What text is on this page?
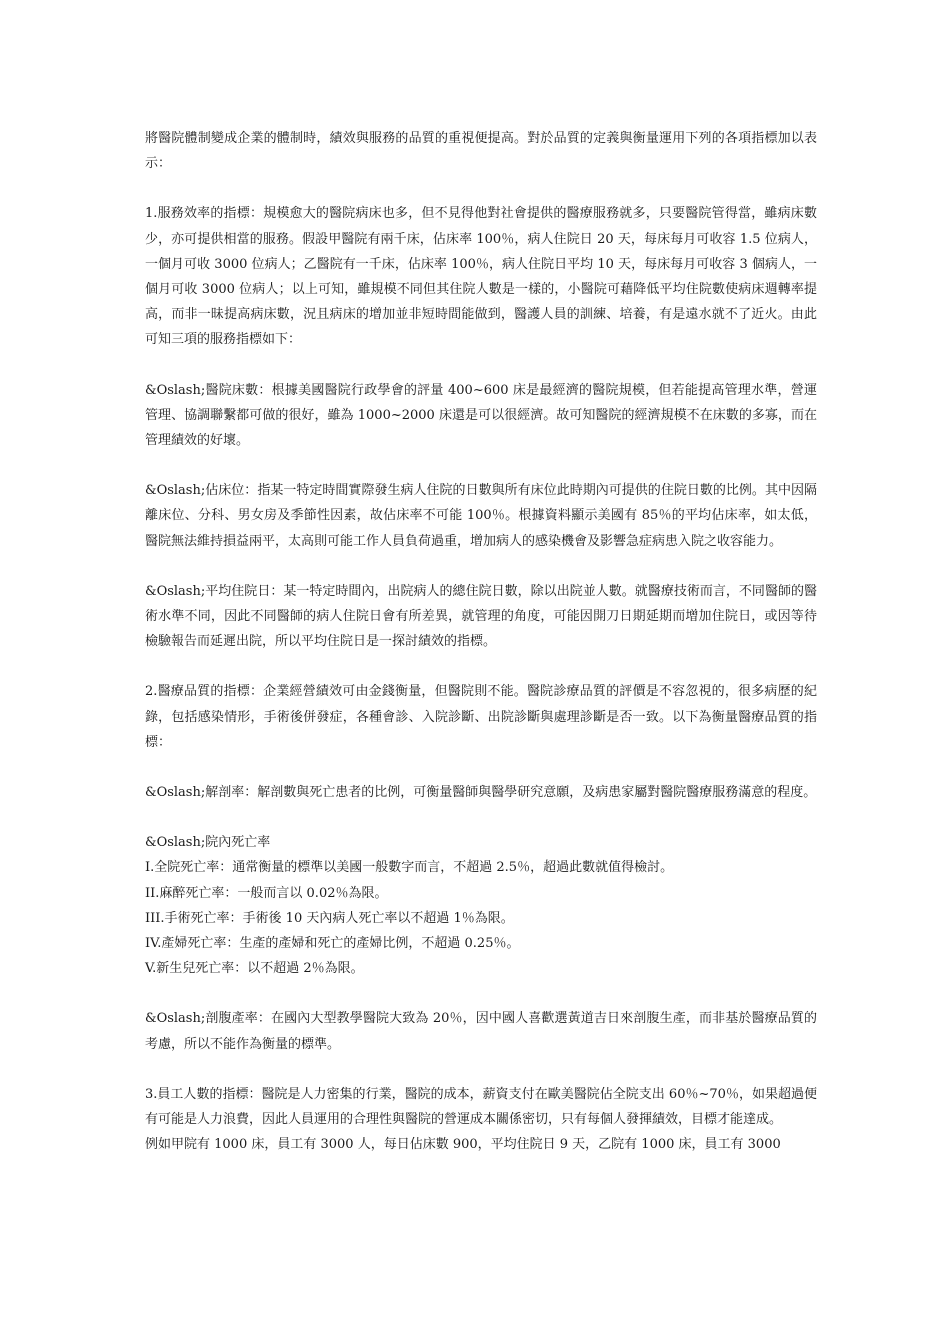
將醫院體制變成企業的體制時，績效與服務的品質的重視便提高。對於品質的定義與衡量運用下列的各項指標加以表示：

1.服務效率的指標：規模愈大的醫院病床也多，但不見得他對社會提供的醫療服務就多，只要醫院管得當，雖病床數少，亦可提供相當的服務。假設甲醫院有兩千床，佔床率 100％，病人住院日 20 天，每床每月可收容 1.5 位病人，一個月可收 3000 位病人；乙醫院有一千床，佔床率 100％，病人住院日平均 10 天，每床每月可收容 3 個病人，一個月可收 3000 位病人；以上可知，雖規模不同但其住院人數是一樣的，小醫院可藉降低平均住院數使病床週轉率提高，而非一昧提高病床數，況且病床的增加並非短時間能做到，醫護人員的訓練、培養，有是遠水就不了近火。由此可知三項的服務指標如下：

&Oslash;醫院床數：根據美國醫院行政學會的評量 400~600 床是最經濟的醫院規模，但若能提高管理水準，營運管理、協調聯繫都可做的很好，雖為 1000~2000 床還是可以很經濟。故可知醫院的經濟規模不在床數的多寡，而在管理績效的好壞。

&Oslash;佔床位：指某一特定時間實際發生病人住院的日數與所有床位此時期內可提供的住院日數的比例。其中因隔離床位、分科、男女房及季節性因素，故佔床率不可能 100％。根據資料顯示美國有 85％的平均佔床率，如太低，醫院無法維持損益兩平，太高則可能工作人員負荷過重，增加病人的感染機會及影響急症病患入院之收容能力。

&Oslash;平均住院日：某一特定時間內，出院病人的總住院日數，除以出院並人數。就醫療技術而言，不同醫師的醫術水準不同，因此不同醫師的病人住院日會有所差異，就管理的角度，可能因開刀日期延期而增加住院日，或因等待檢驗報告而延遲出院，所以平均住院日是一探討績效的指標。

2.醫療品質的指標：企業經營績效可由金錢衡量，但醫院則不能。醫院診療品質的評價是不容忽視的，很多病歷的紀錄，包括感染情形，手術後併發症，各種會診、入院診斷、出院診斷與處理診斷是否一致。以下為衡量醫療品質的指標：

&Oslash;解剖率：解剖數與死亡患者的比例，可衡量醫師與醫學研究意願，及病患家屬對醫院醫療服務滿意的程度。

&Oslash;院內死亡率
I.全院死亡率：通常衡量的標準以美國一般數字而言，不超過 2.5％，超過此數就值得檢討。
II.麻醉死亡率：一般而言以 0.02％為限。
III.手術死亡率：手術後 10 天內病人死亡率以不超過 1％為限。
IV.產婦死亡率：生產的產婦和死亡的產婦比例，不超過 0.25％。
V.新生兒死亡率：以不超過 2％為限。

&Oslash;剖腹產率：在國內大型教學醫院大致為 20％，因中國人喜歡選黃道吉日來剖腹生產，而非基於醫療品質的考慮，所以不能作為衡量的標準。

3.員工人數的指標：醫院是人力密集的行業，醫院的成本，薪資支付在歐美醫院佔全院支出 60％~70％，如果超過便有可能是人力浪費，因此人員運用的合理性與醫院的營運成本關係密切，只有每個人發揮績效，目標才能達成。

例如甲院有 1000 床，員工有 3000 人，每日佔床數 900，平均住院日 9 天，乙院有 1000 床，員工有 3000
